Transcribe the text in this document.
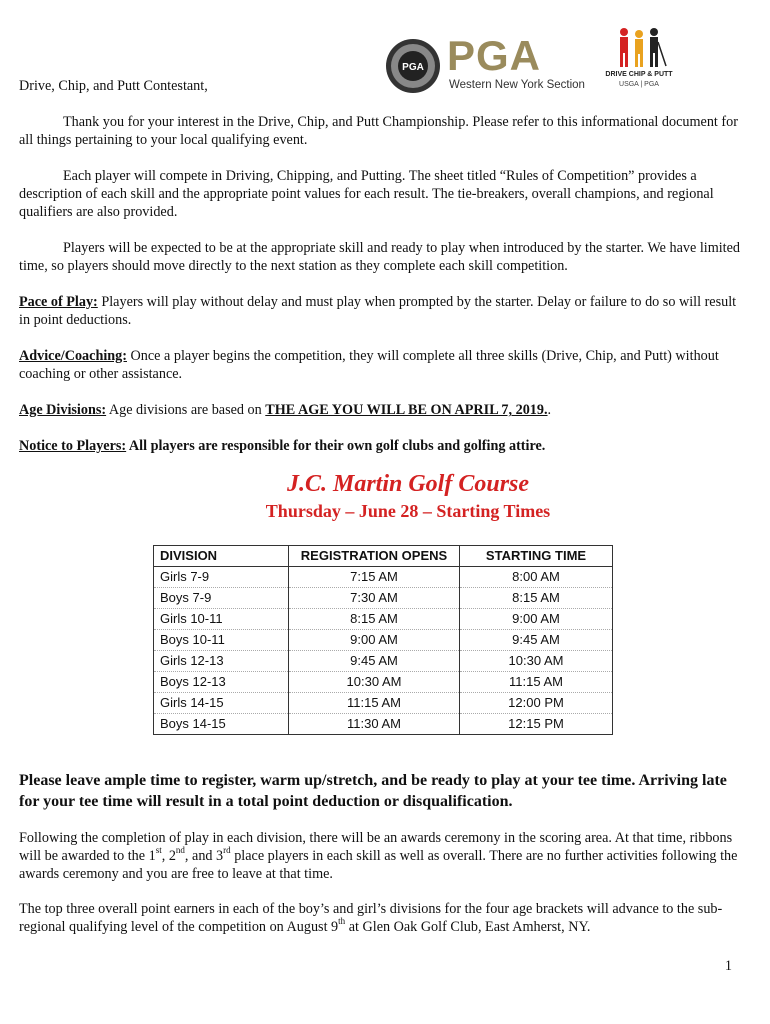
PGA PGA
Western New York Section
DRIVE CHIP & PUTT
USGA | PGA

Drive, Chip, and Putt Contestant,

Thank you for your interest in the Drive, Chip, and Putt Championship. Please refer to this informational document for all things pertaining to your local qualifying event.

Each player will compete in Driving, Chipping, and Putting. The sheet titled “Rules of Competition” provides a description of each skill and the appropriate point values for each result. The tie-breakers, overall champions, and regional qualifiers are also provided.

Players will be expected to be at the appropriate skill and ready to play when introduced by the starter. We have limited time, so players should move directly to the next station as they complete each skill competition.

Pace of Play: Players will play without delay and must play when prompted by the starter. Delay or failure to do so will result in point deductions.

Advice/Coaching: Once a player begins the competition, they will complete all three skills (Drive, Chip, and Putt) without coaching or other assistance.

Age Divisions: Age divisions are based on THE AGE YOU WILL BE ON APRIL 7, 2019..

Notice to Players: All players are responsible for their own golf clubs and golfing attire.

J.C. Martin Golf Course
Thursday – June 28 – Starting Times
DIVISION	REGISTRATION OPENS	STARTING TIME
Girls 7-9	7:15 AM	8:00 AM
Boys 7-9	7:30 AM	8:15 AM
Girls 10-11	8:15 AM	9:00 AM
Boys 10-11	9:00 AM	9:45 AM
Girls 12-13	9:45 AM	10:30 AM
Boys 12-13	10:30 AM	11:15 AM
Girls 14-15	11:15 AM	12:00 PM
Boys 14-15	11:30 AM	12:15 PM
Please leave ample time to register, warm up/stretch, and be ready to play at your tee time. Arriving late for your tee time will result in a total point deduction or disqualification.
Following the completion of play in each division, there will be an awards ceremony in the scoring area. At that time, ribbons will be awarded to the 1st, 2nd, and 3rd place players in each skill as well as overall. There are no further activities following the awards ceremony and you are free to leave at that time.
The top three overall point earners in each of the boy’s and girl’s divisions for the four age brackets will advance to the sub-regional qualifying level of the competition on August 9th at Glen Oak Golf Club, East Amherst, NY.
1
